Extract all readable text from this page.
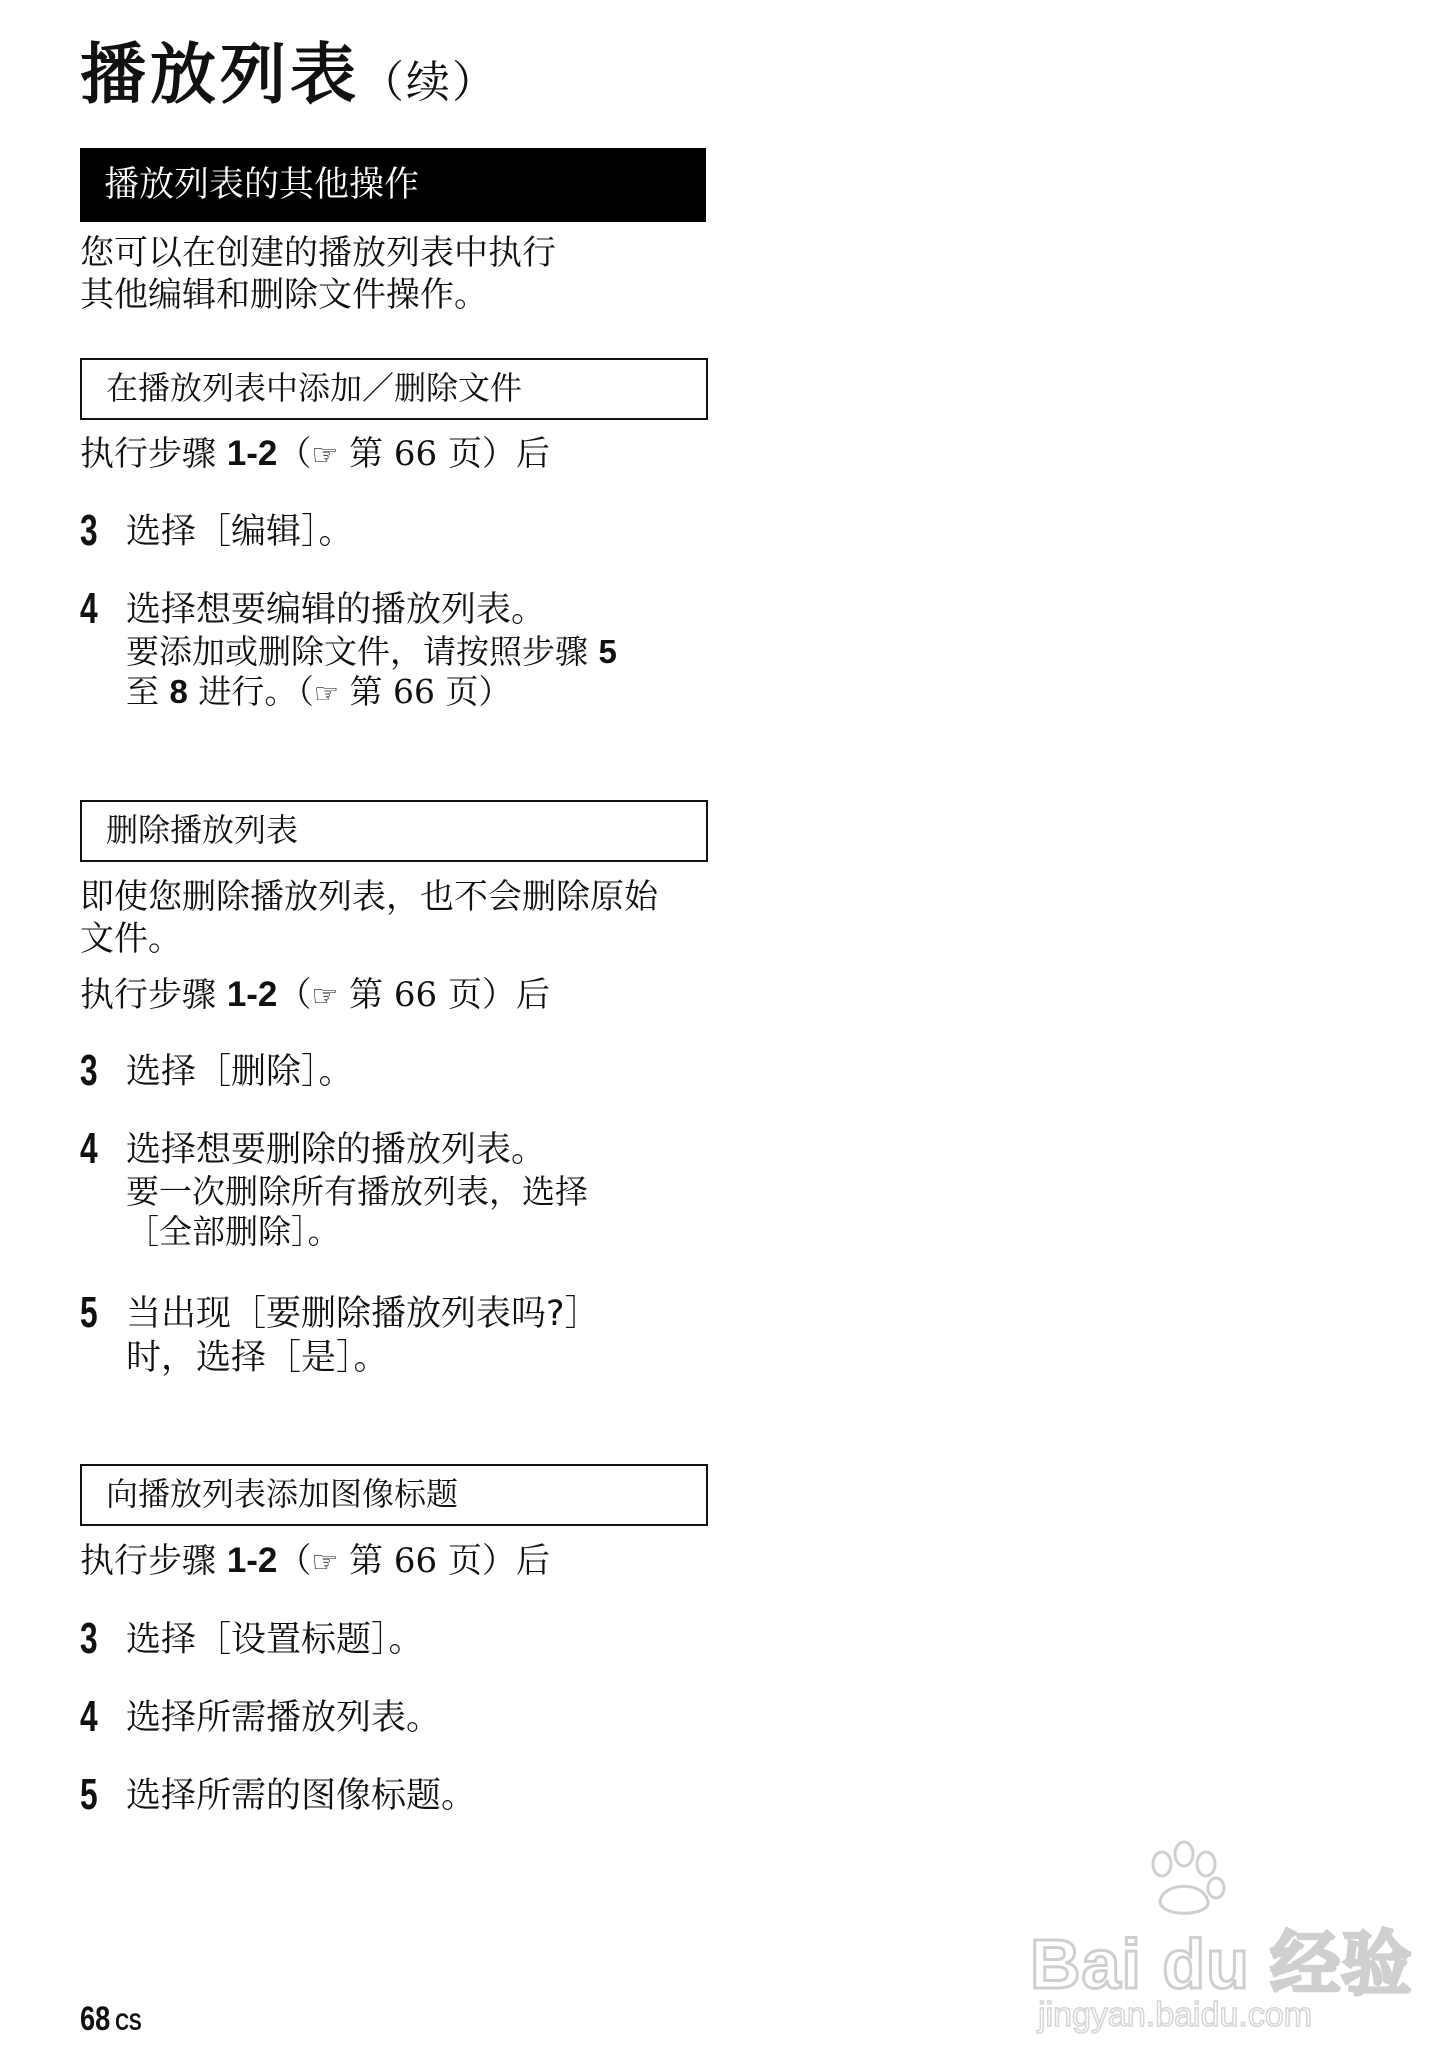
播放列表（续）
播放列表的其他操作
您可以在创建的播放列表中执行
其他编辑和删除文件操作。
在播放列表中添加／删除文件
执行步骤 1-2（☞ 第 66 页）后
3 选择［编辑］。
4 选择想要编辑的播放列表。
要添加或删除文件，请按照步骤 5
至 8 进行。（☞ 第 66 页）
删除播放列表
即使您删除播放列表，也不会删除原始
文件。
执行步骤 1-2（☞ 第 66 页）后
3 选择［删除］。
4 选择想要删除的播放列表。
要一次删除所有播放列表，选择
［全部删除］。
5 当出现［要删除播放列表吗?］
时，选择［是］。
向播放列表添加图像标题
执行步骤 1-2（☞ 第 66 页）后
3 选择［设置标题］。
4 选择所需播放列表。
5 选择所需的图像标题。
68 CS
Bai du 经验
jingyan.baidu.com
